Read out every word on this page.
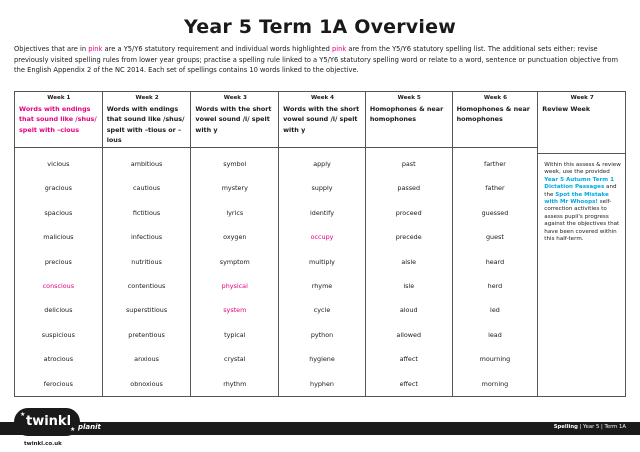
Year 5 Term 1A Overview
Objectives that are in pink are a Y5/Y6 statutory requirement and individual words highlighted pink are from the Y5/Y6 statutory spelling list. The additional sets either: revise previously visited spelling rules from lower year groups; practise a spelling rule linked to a Y5/Y6 statutory spelling word or relate to a word, sentence or punctuation objective from the English Appendix 2 of the NC 2014. Each set of spellings contains 10 words linked to the objective.
Week 1
Words with endings that sound like /shus/ spelt with –cious
vicious
gracious
spacious
malicious
precious
conscious
delicious
suspicious
atrocious
ferocious
Week 2
Words with endings that sound like /shus/ spelt with –tious or –ious
ambitious
cautious
fictitious
infectious
nutritious
contentious
superstitious
pretentious
anxious
obnoxious
Week 3
Words with the short vowel sound /i/ spelt with y
symbol
mystery
lyrics
oxygen
symptom
physical
system
typical
crystal
rhythm
Week 4
Words with the short vowel sound /i/ spelt with y
apply
supply
identify
occupy
multiply
rhyme
cycle
python
hygiene
hyphen
Week 5
Homophones & near homophones
past
passed
proceed
precede
aisle
isle
aloud
allowed
affect
effect
Week 6
Homophones & near homophones
farther
father
guessed
guest
heard
herd
led
lead
mourning
morning
Week 7
Review Week
Within this assess & review week, use the provided Year 5 Autumn Term 1 Dictation Passages and the Spot the Mistake with Mr Whoops! self- correction activities to assess pupil's progress against the objectives that have been covered within this half-term.
★
★
twinkl
twinkl.co.uk
planit	Spelling | Year 5 | Term 1A
